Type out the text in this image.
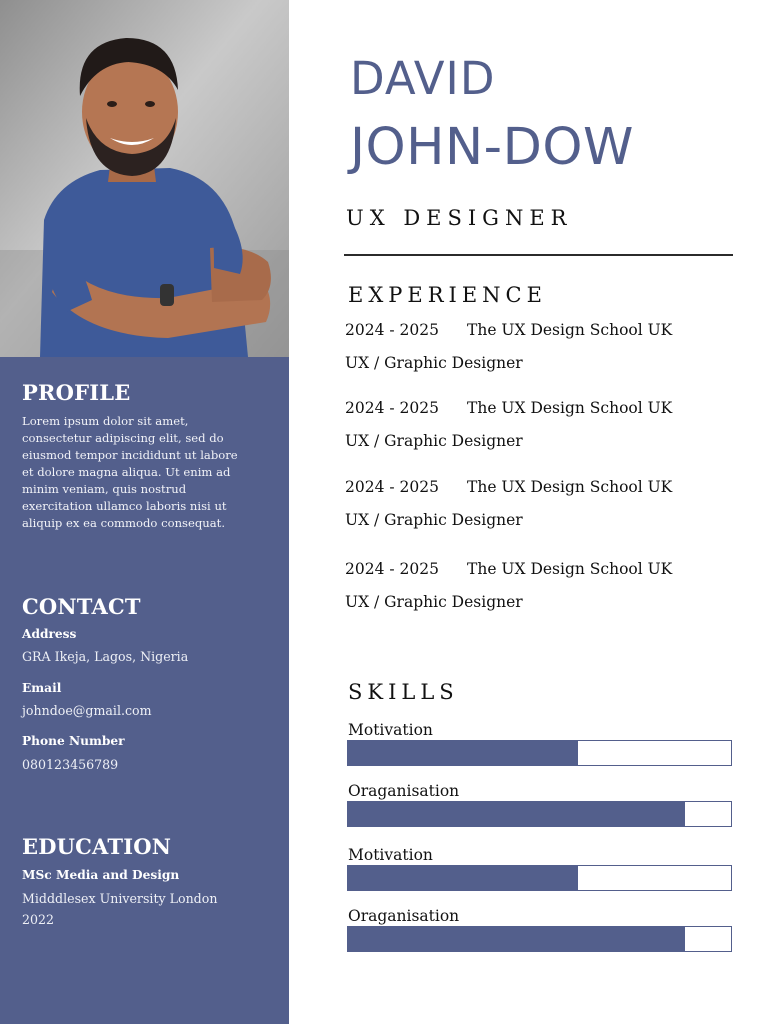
PROFILE

Lorem ipsum dolor sit amet,

consectetur adipiscing elit, sed do

eiusmod tempor incididunt ut labore

et dolore magna aliqua. Ut enim ad

minim veniam, quis nostrud

exercitation ullamco laboris nisi ut

aliquip ex ea commodo consequat.

CONTACT

Address

GRA Ikeja, Lagos, Nigeria

Email

johndoe@gmail.com

Phone Number

080123456789

EDUCATION

MSc Media and Design

Midddlesex University London

2022

DAVID
JOHN-DOW

UX DESIGNER

EXPERIENCE

2024 - 2025 The UX Design School UK

UX / Graphic Designer

2024 - 2025 The UX Design School UK

UX / Graphic Designer

2024 - 2025 The UX Design School UK

UX / Graphic Designer

2024 - 2025 The UX Design School UK

UX / Graphic Designer

SKILLS

Motivation

Oraganisation

Motivation

Oraganisation
